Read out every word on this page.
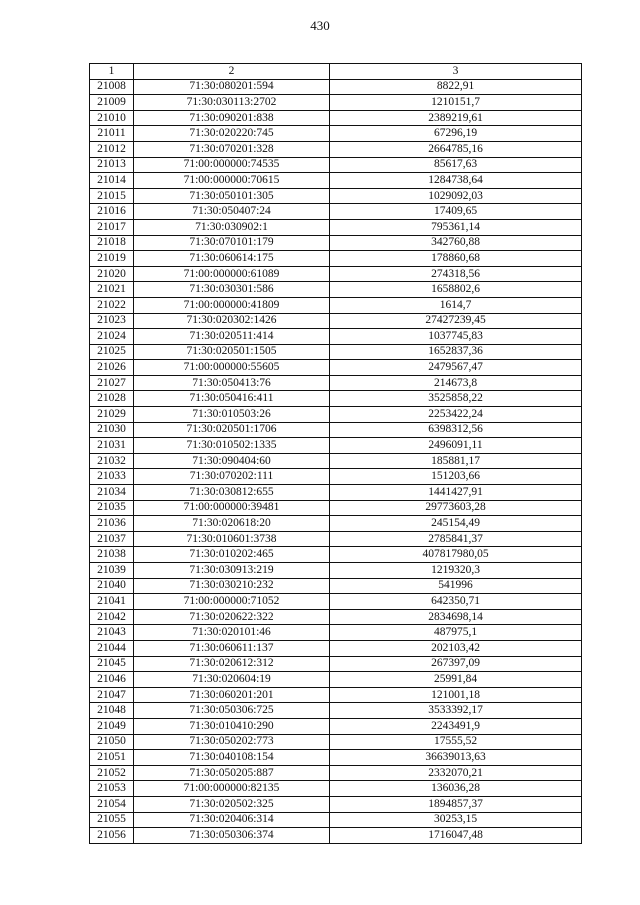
430
1	2	3
21008	71:30:080201:594	8822,91
21009	71:30:030113:2702	1210151,7
21010	71:30:090201:838	2389219,61
21011	71:30:020220:745	67296,19
21012	71:30:070201:328	2664785,16
21013	71:00:000000:74535	85617,63
21014	71:00:000000:70615	1284738,64
21015	71:30:050101:305	1029092,03
21016	71:30:050407:24	17409,65
21017	71:30:030902:1	795361,14
21018	71:30:070101:179	342760,88
21019	71:30:060614:175	178860,68
21020	71:00:000000:61089	274318,56
21021	71:30:030301:586	1658802,6
21022	71:00:000000:41809	1614,7
21023	71:30:020302:1426	27427239,45
21024	71:30:020511:414	1037745,83
21025	71:30:020501:1505	1652837,36
21026	71:00:000000:55605	2479567,47
21027	71:30:050413:76	214673,8
21028	71:30:050416:411	3525858,22
21029	71:30:010503:26	2253422,24
21030	71:30:020501:1706	6398312,56
21031	71:30:010502:1335	2496091,11
21032	71:30:090404:60	185881,17
21033	71:30:070202:111	151203,66
21034	71:30:030812:655	1441427,91
21035	71:00:000000:39481	29773603,28
21036	71:30:020618:20	245154,49
21037	71:30:010601:3738	2785841,37
21038	71:30:010202:465	407817980,05
21039	71:30:030913:219	1219320,3
21040	71:30:030210:232	541996
21041	71:00:000000:71052	642350,71
21042	71:30:020622:322	2834698,14
21043	71:30:020101:46	487975,1
21044	71:30:060611:137	202103,42
21045	71:30:020612:312	267397,09
21046	71:30:020604:19	25991,84
21047	71:30:060201:201	121001,18
21048	71:30:050306:725	3533392,17
21049	71:30:010410:290	2243491,9
21050	71:30:050202:773	17555,52
21051	71:30:040108:154	36639013,63
21052	71:30:050205:887	2332070,21
21053	71:00:000000:82135	136036,28
21054	71:30:020502:325	1894857,37
21055	71:30:020406:314	30253,15
21056	71:30:050306:374	1716047,48
